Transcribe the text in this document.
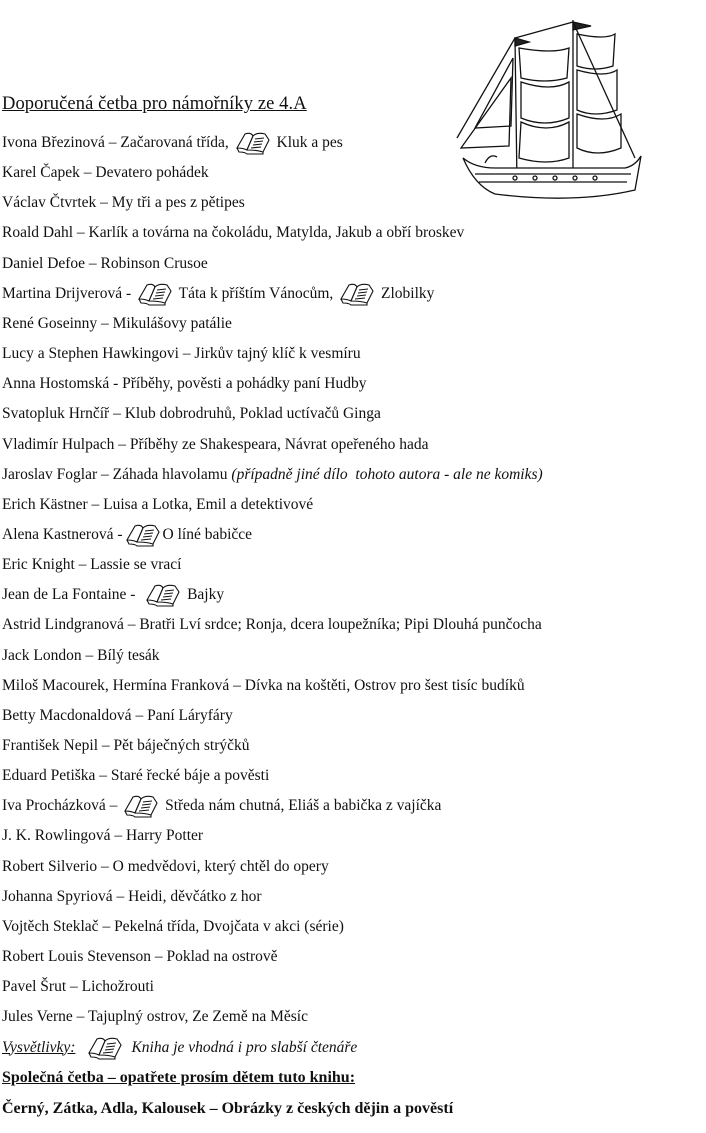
Doporučená četba pro námořníky ze 4.A
Ivona Březinová – Začarovaná třída,	Kluk a pes
Karel Čapek – Devatero pohádek
Václav Čtvrtek – My tři a pes z pětipes
Roald Dahl – Karlík a továrna na čokoládu, Matylda, Jakub a obří broskev
Daniel Defoe – Robinson Crusoe
Martina Drijverová -	Táta k příštím Vánocům,	Zlobilky
René Goseinny – Mikulášovy patálie
Lucy a Stephen Hawkingovi – Jirkův tajný klíč k vesmíru
Anna Hostomská - Příběhy, pověsti a pohádky paní Hudby
Svatopluk Hrnčíř – Klub dobrodruhů, Poklad uctívačů Ginga
Vladimír Hulpach – Příběhy ze Shakespeara, Návrat opeřeného hada
Jaroslav Foglar – Záhada hlavolamu (případně jiné dílo  tohoto autora - ale ne komiks)
Erich Kästner – Luisa a Lotka, Emil a detektivové
Alena Kastnerová -	O líné babičce
Eric Knight – Lassie se vrací
Jean de La Fontaine -	Bajky
Astrid Lindgranová – Bratři Lví srdce; Ronja, dcera loupežníka; Pipi Dlouhá punčocha
Jack London – Bílý tesák
Miloš Macourek, Hermína Franková – Dívka na koštěti, Ostrov pro šest tisíc budíků
Betty Macdonaldová – Paní Láryfáry
František Nepil – Pět báječných strýčků
Eduard Petiška – Staré řecké báje a pověsti
Iva Procházková –	Středa nám chutná, Eliáš a babička z vajíčka
J. K. Rowlingová – Harry Potter
Robert Silverio – O medvědovi, který chtěl do opery
Johanna Spyriová – Heidi, děvčátko z hor
Vojtěch Steklač – Pekelná třída, Dvojčata v akci (série)
Robert Louis Stevenson – Poklad na ostrově
Pavel Šrut – Lichožrouti
Jules Verne – Tajuplný ostrov, Ze Země na Měsíc
Vysvětlivky:	Kniha je vhodná i pro slabší čtenáře
Společná četba – opatřete prosím dětem tuto knihu:
Černý, Zátka, Adla, Kalousek – Obrázky z českých dějin a pověstí
